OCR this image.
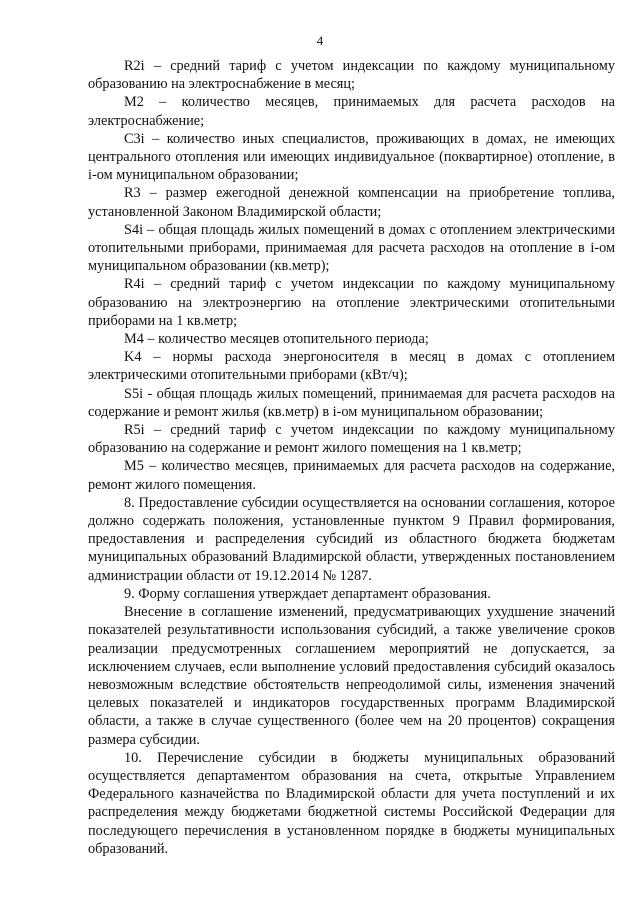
4

R2i – средний тариф с учетом индексации по каждому муниципальному образованию на электроснабжение в месяц;

M2 – количество месяцев, принимаемых для расчета расходов на электроснабжение;

C3i – количество иных специалистов, проживающих в домах, не имеющих центрального отопления или имеющих индивидуальное (поквартирное) отопление, в i-ом муниципальном образовании;

R3 – размер ежегодной денежной компенсации на приобретение топлива, установленной Законом Владимирской области;

S4i – общая площадь жилых помещений в домах с отоплением электрическими отопительными приборами, принимаемая для расчета расходов на отопление в i-ом муниципальном образовании (кв.метр);

R4i – средний тариф с учетом индексации по каждому муниципальному образованию на электроэнергию на отопление электрическими отопительными приборами на 1 кв.метр;

M4 – количество месяцев отопительного периода;

K4 – нормы расхода энергоносителя в месяц в домах с отоплением электрическими отопительными приборами (кВт/ч);

S5i - общая площадь жилых помещений, принимаемая для расчета расходов на содержание и ремонт жилья (кв.метр) в i-ом муниципальном образовании;

R5i – средний тариф с учетом индексации по каждому муниципальному образованию на содержание и ремонт жилого помещения на 1 кв.метр;

M5 – количество месяцев, принимаемых для расчета расходов на содержание, ремонт жилого помещения.

8. Предоставление субсидии осуществляется на основании соглашения, которое должно содержать положения, установленные пунктом 9 Правил формирования, предоставления и распределения субсидий из областного бюджета бюджетам муниципальных образований Владимирской области, утвержденных постановлением администрации области от 19.12.2014 № 1287.

9. Форму соглашения утверждает департамент образования.

Внесение в соглашение изменений, предусматривающих ухудшение значений показателей результативности использования субсидий, а также увеличение сроков реализации предусмотренных соглашением мероприятий не допускается, за исключением случаев, если выполнение условий предоставления субсидий оказалось невозможным вследствие обстоятельств непреодолимой силы, изменения значений целевых показателей и индикаторов государственных программ Владимирской области, а также в случае существенного (более чем на 20 процентов) сокращения размера субсидии.

10. Перечисление субсидии в бюджеты муниципальных образований осуществляется департаментом образования на счета, открытые Управлением Федерального казначейства по Владимирской области для учета поступлений и их распределения между бюджетами бюджетной системы Российской Федерации для последующего перечисления в установленном порядке в бюджеты муниципальных образований.
